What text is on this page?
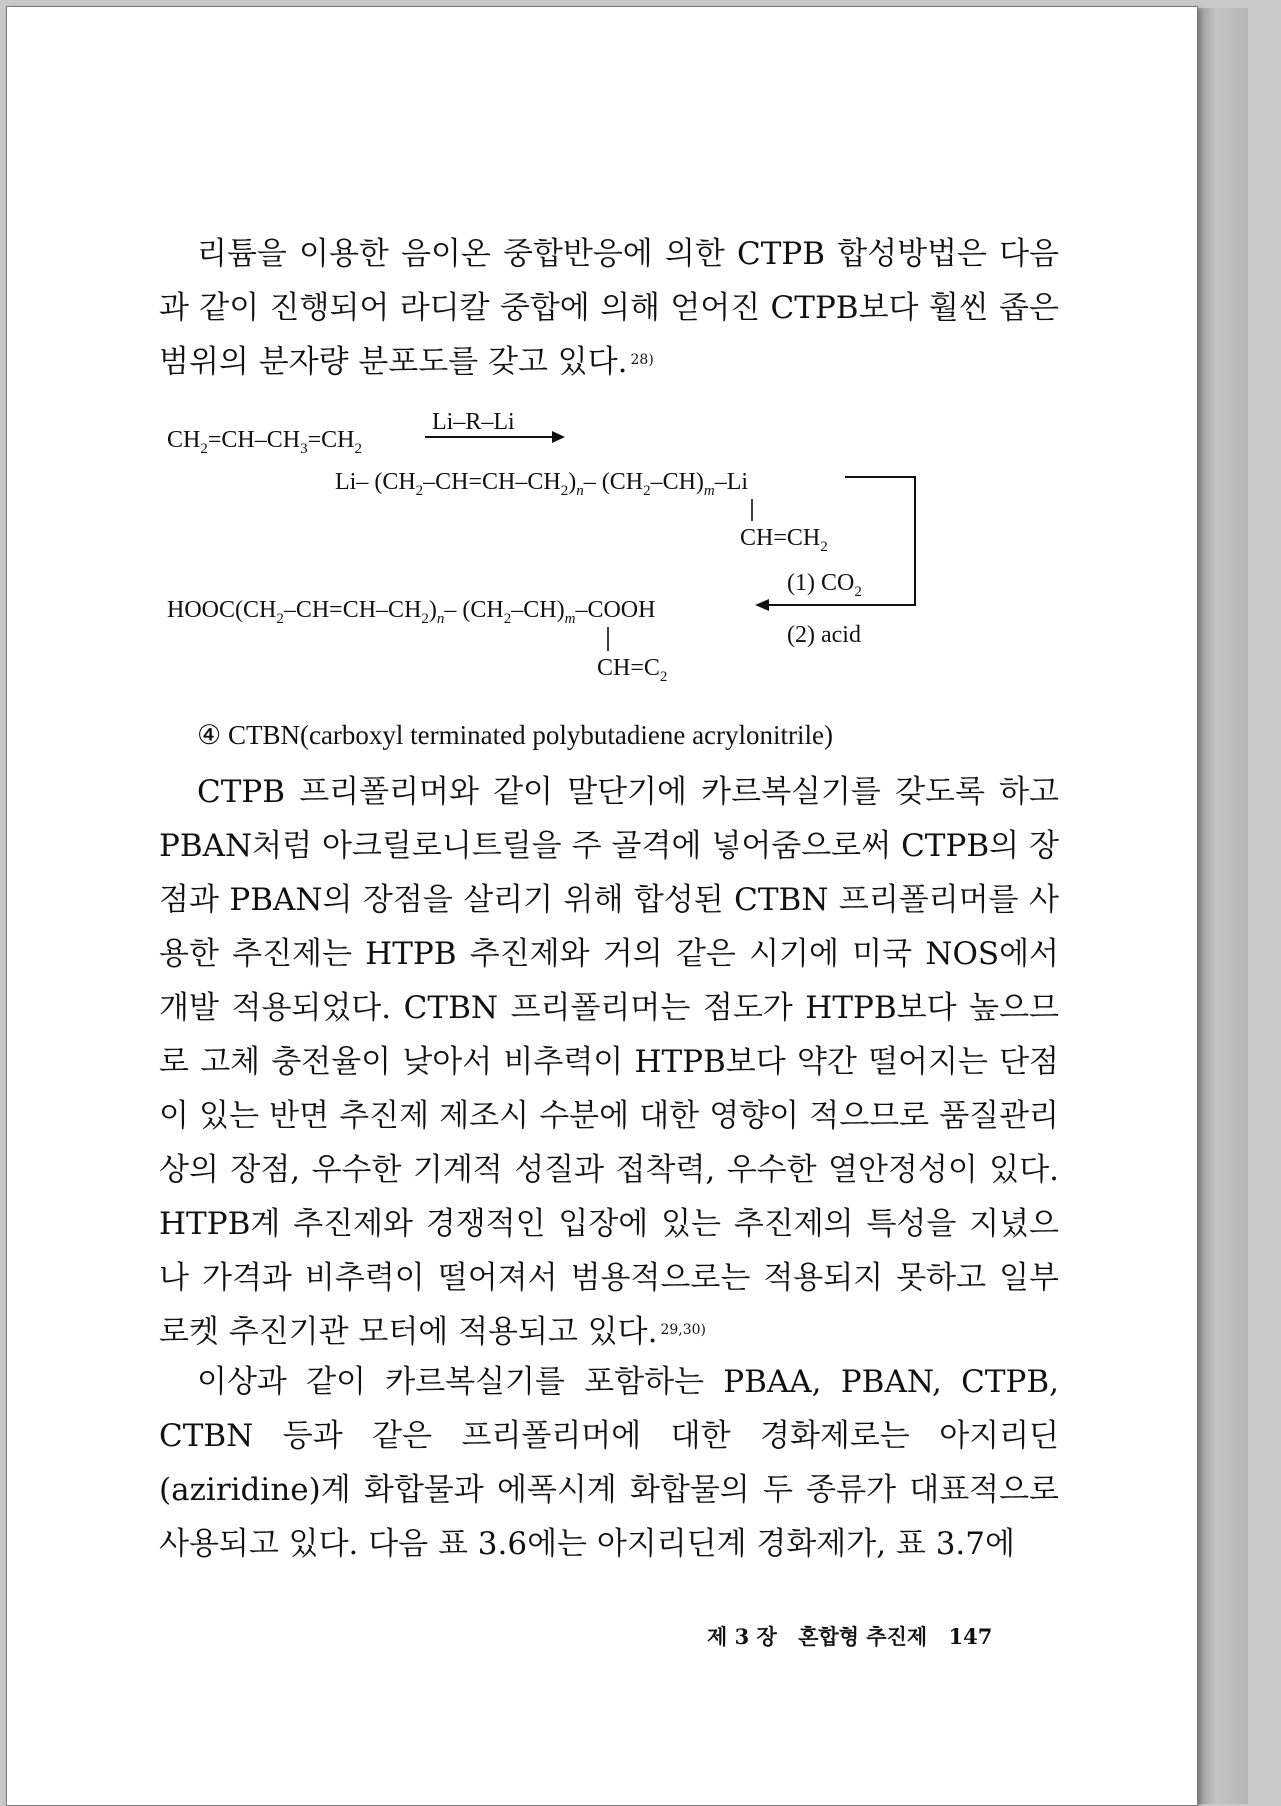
리튬을 이용한 음이온 중합반응에 의한 CTPB 합성방법은 다음과 같이 진행되어 라디칼 중합에 의해 얻어진 CTPB보다 훨씬 좁은 범위의 분자량 분포도를 갖고 있다. $^{28)}$

$CH_2=CH-CH_3=CH_2$
Li–R–Li
Li– $(CH_2-CH=CH-CH_2)_n-$ $(CH_2-CH)_m-Li$
$CH=CH_2$
(1) $CO_2$
$HOOC(CH_2-CH=CH-CH_2)_n-$ $(CH_2-CH)_m$–COOH
(2) acid
$CH=C_2$
④ CTBN(carboxyl terminated polybutadiene acrylonitrile)

CTPB 프리폴리머와 같이 말단기에 카르복실기를 갖도록 하고 PBAN처럼 아크릴로니트릴을 주 골격에 넣어줌으로써 CTPB의 장점과 PBAN의 장점을 살리기 위해 합성된 CTBN 프리폴리머를 사용한 추진제는 HTPB 추진제와 거의 같은 시기에 미국 NOS에서 개발 적용되었다. CTBN 프리폴리머는 점도가 HTPB보다 높으므로 고체 충전율이 낮아서 비추력이 HTPB보다 약간 떨어지는 단점이 있는 반면 추진제 제조시 수분에 대한 영향이 적으므로 품질관리상의 장점, 우수한 기계적 성질과 접착력, 우수한 열안정성이 있다. HTPB계 추진제와 경쟁적인 입장에 있는 추진제의 특성을 지녔으나 가격과 비추력이 떨어져서 범용적으로는 적용되지 못하고 일부 로켓 추진기관 모터에 적용되고 있다. $^{29,30)}$

이상과 같이 카르복실기를 포함하는 PBAA, PBAN, CTPB, CTBN 등과 같은 프리폴리머에 대한 경화제로는 아지리딘(aziridine)계 화합물과 에폭시계 화합물의 두 종류가 대표적으로 사용되고 있다. 다음 표 3.6에는 아지리딘계 경화제가, 표 3.7에

제 3 장 혼합형 추진제 147
